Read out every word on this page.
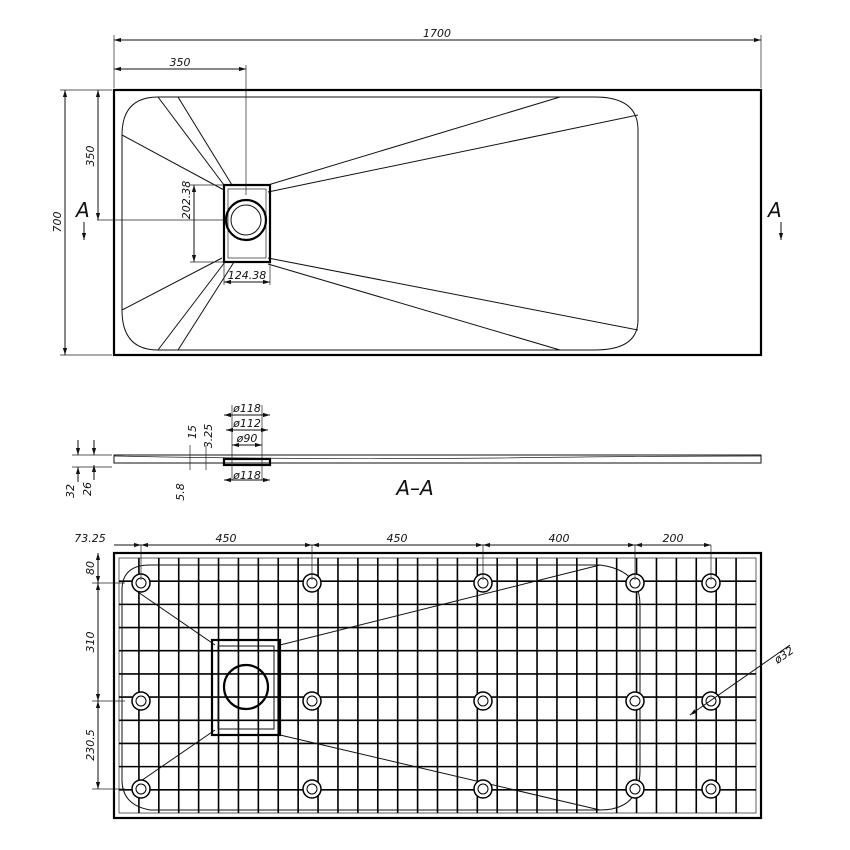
1700
350
700
350
202.38
124.38
A	A
ø118
ø112
ø90
ø118
15 3.25
5.8
32 26	A–A
73.25	450	450	400	200
80
310
230.5
ø32
